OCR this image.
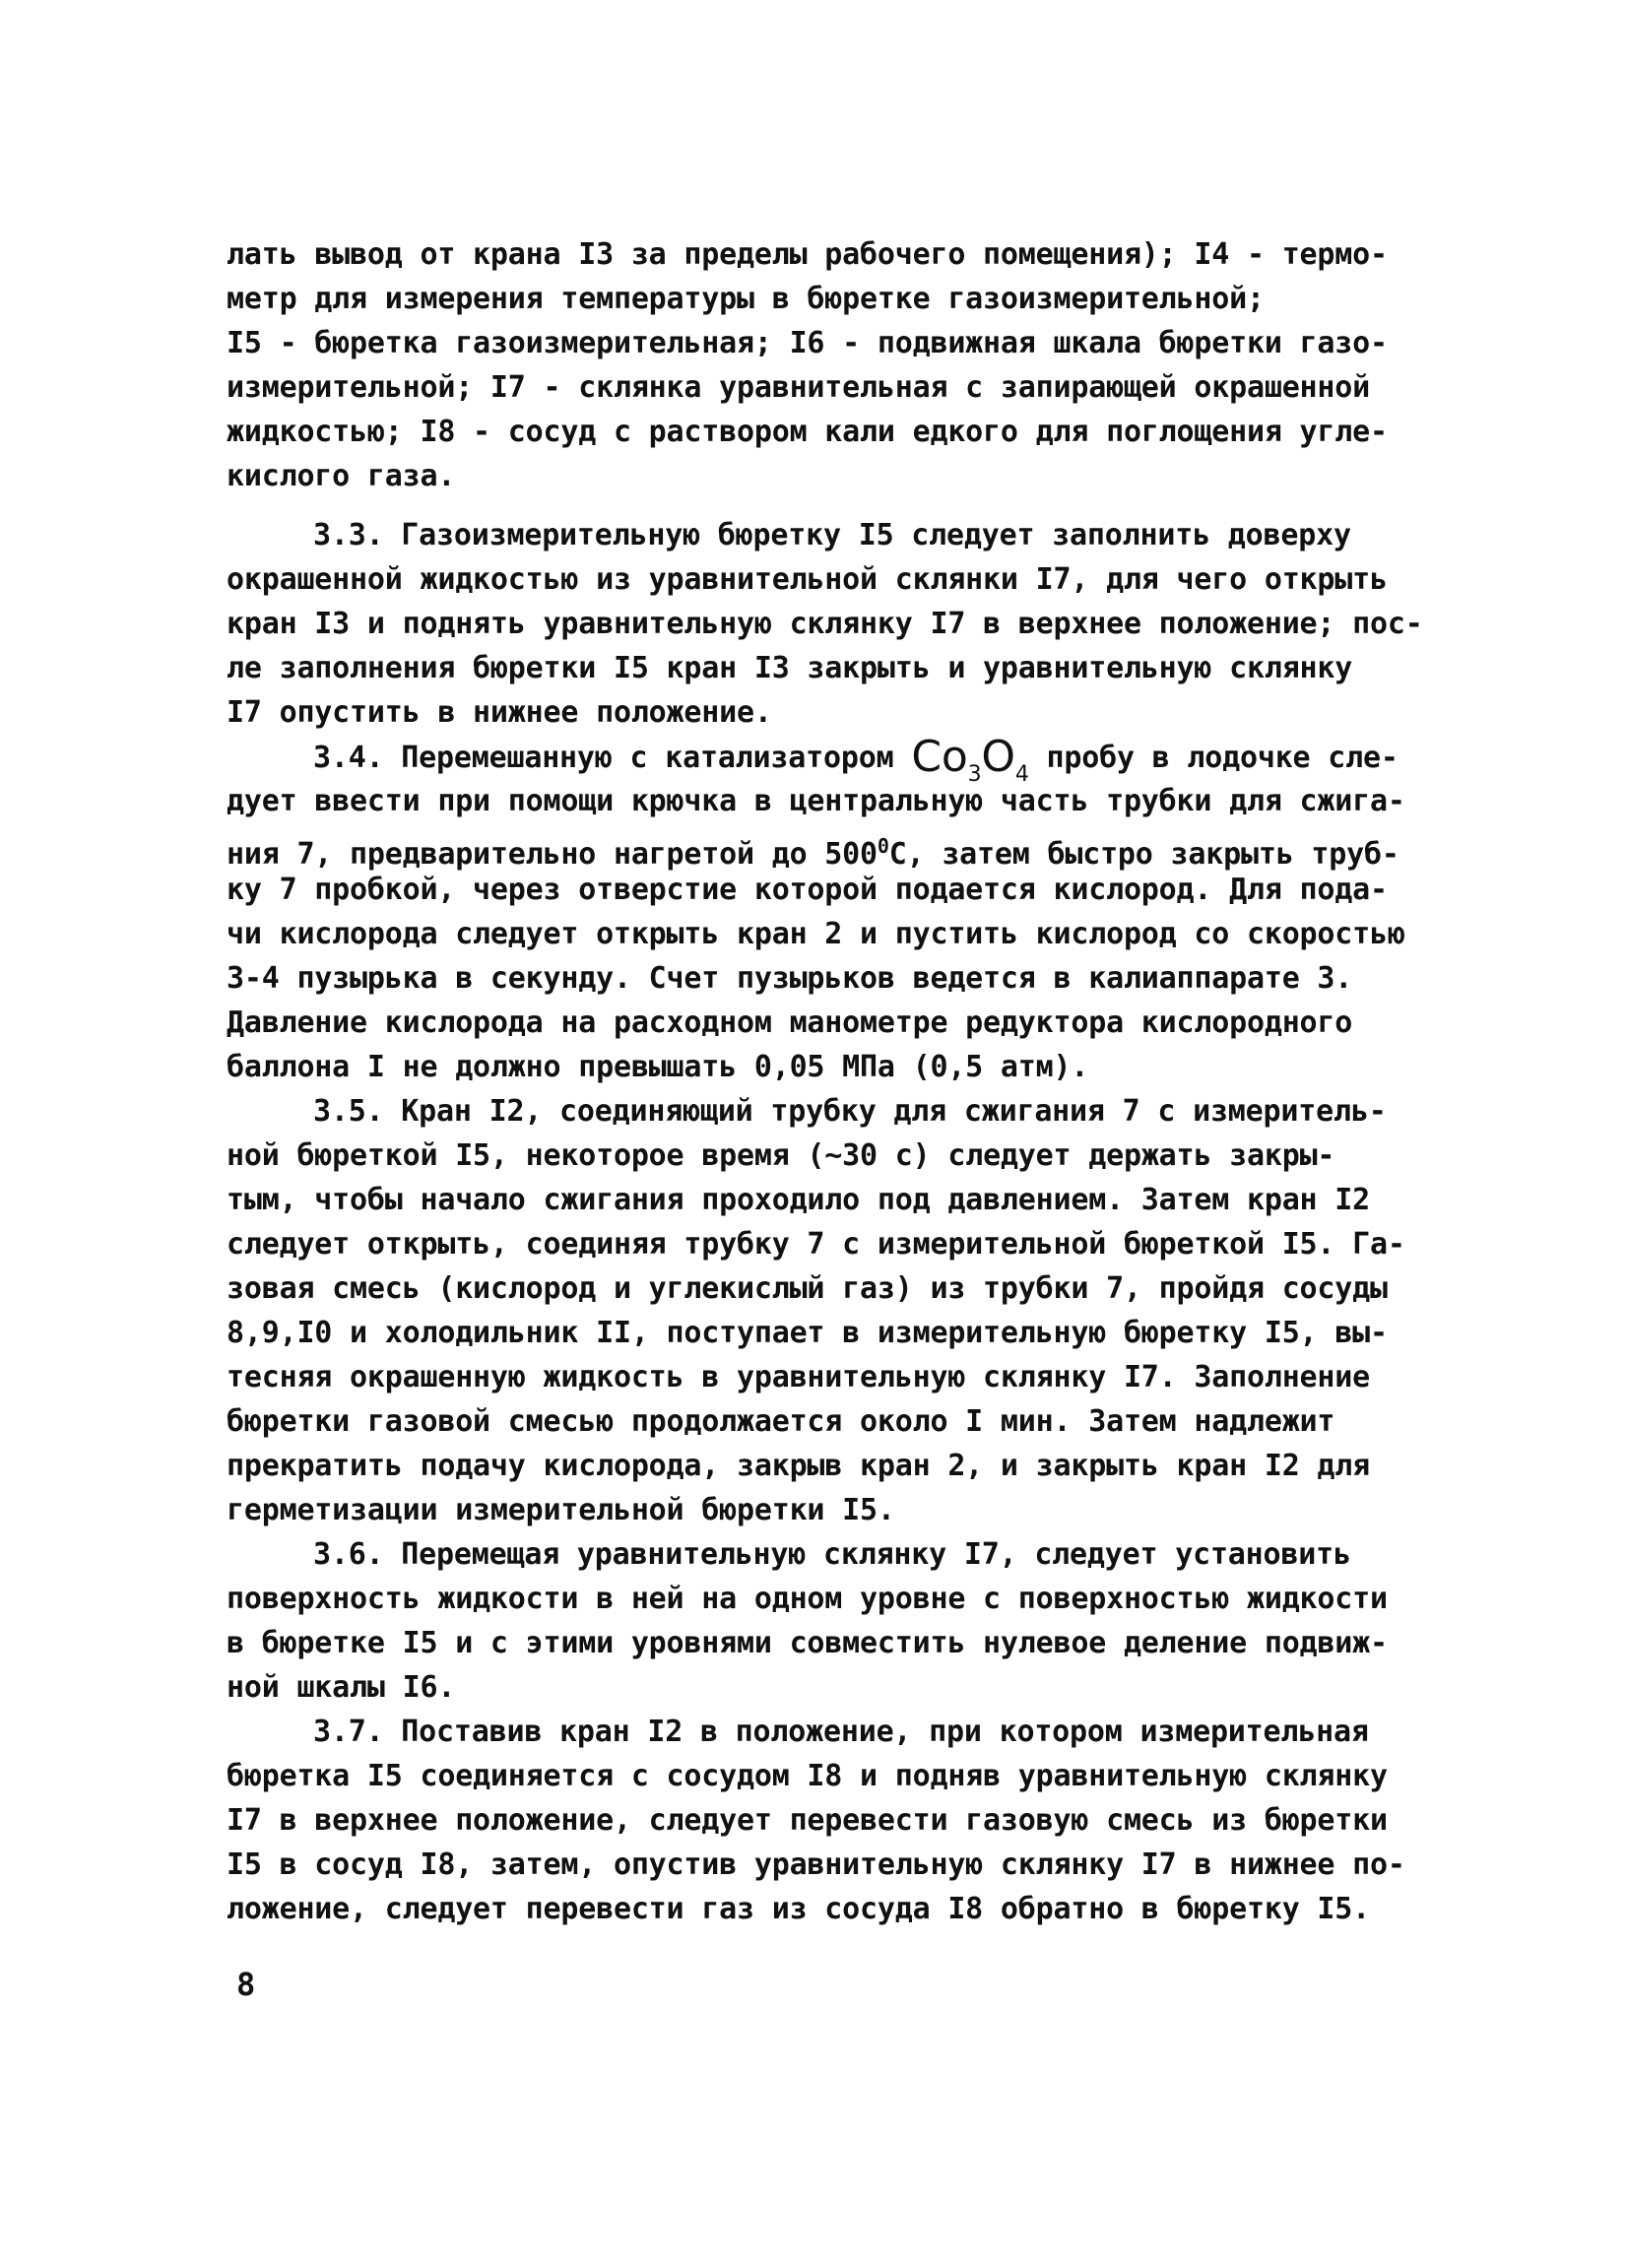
лать вывод от крана I3 за пределы рабочего помещения); I4 - термо-
метр для измерения температуры в бюретке газоизмерительной;
I5 - бюретка газоизмерительная; I6 - подвижная шкала бюретки газо-
измерительной; I7 - склянка уравнительная с запирающей окрашенной
жидкостью; I8 - сосуд с раствором кали едкого для поглощения угле-
кислого газа.
3.3. Газоизмерительную бюретку I5 следует заполнить доверху
окрашенной жидкостью из уравнительной склянки I7, для чего открыть
кран I3 и поднять уравнительную склянку I7 в верхнее положение; пос-
ле заполнения бюретки I5 кран I3 закрыть и уравнительную склянку
I7 опустить в нижнее положение.
3.4. Перемешанную с катализатором $Co_3O_4$ пробу в лодочке сле-
дует ввести при помощи крючка в центральную часть трубки для сжига-
ния 7, предварительно нагретой до $500^0C$, затем быстро закрыть труб-
ку 7 пробкой, через отверстие которой подается кислород. Для пода-
чи кислорода следует открыть кран 2 и пустить кислород со скоростью
3-4 пузырька в секунду. Счет пузырьков ведется в калиаппарате 3.
Давление кислорода на расходном манометре редуктора кислородного
баллона I не должно превышать 0,05 МПа (0,5 атм).
3.5. Кран I2, соединяющий трубку для сжигания 7 с измеритель-
ной бюреткой I5, некоторое время (~30 с) следует держать закры-
тым, чтобы начало сжигания проходило под давлением. Затем кран I2
следует открыть, соединяя трубку 7 с измерительной бюреткой I5. Га-
зовая смесь (кислород и углекислый газ) из трубки 7, пройдя сосуды
8,9,I0 и холодильник II, поступает в измерительную бюретку I5, вы-
тесняя окрашенную жидкость в уравнительную склянку I7. Заполнение
бюретки газовой смесью продолжается около I мин. Затем надлежит
прекратить подачу кислорода, закрыв кран 2, и закрыть кран I2 для
герметизации измерительной бюретки I5.
3.6. Перемещая уравнительную склянку I7, следует установить
поверхность жидкости в ней на одном уровне с поверхностью жидкости
в бюретке I5 и с этими уровнями совместить нулевое деление подвиж-
ной шкалы I6.
3.7. Поставив кран I2 в положение, при котором измерительная
бюретка I5 соединяется с сосудом I8 и подняв уравнительную склянку
I7 в верхнее положение, следует перевести газовую смесь из бюретки
I5 в сосуд I8, затем, опустив уравнительную склянку I7 в нижнее по-
ложение, следует перевести газ из сосуда I8 обратно в бюретку I5.
8
